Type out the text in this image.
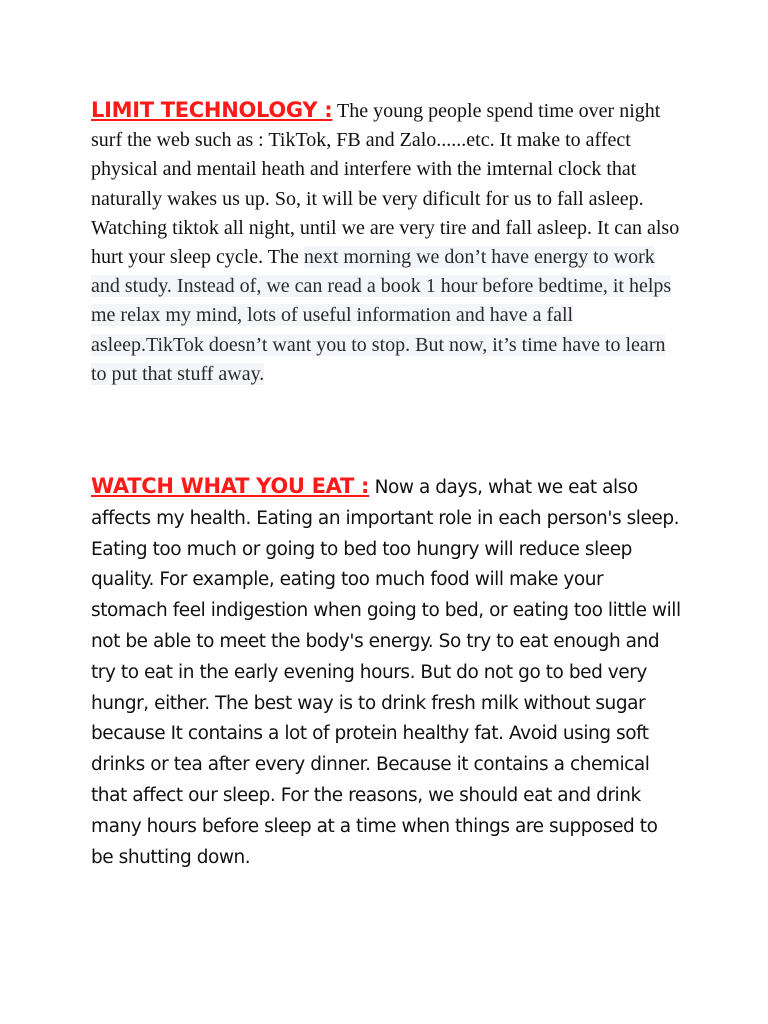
LIMIT TECHNOLOGY : The young people spend time over night surf the web such as : TikTok, FB and Zalo......etc. It make to affect physical and mentail heath and interfere with the imternal clock that naturally wakes us up. So, it will be very dificult for us to fall asleep. Watching tiktok all night, until we are very tire and fall asleep. It can also hurt your sleep cycle. The next morning we don’t have energy to work and study. Instead of, we can read a book 1 hour before bedtime, it helps me relax my mind, lots of useful information and have a fall asleep.TikTok doesn’t want you to stop. But now, it’s time have to learn to put that stuff away.

WATCH WHAT YOU EAT : Now a days, what we eat also affects my health. Eating an important role in each person's sleep. Eating too much or going to bed too hungry will reduce sleep quality. For example, eating too much food will make your stomach feel indigestion when going to bed, or eating too little will not be able to meet the body's energy. So try to eat enough and try to eat in the early evening hours. But do not go to bed very hungr, either. The best way is to drink fresh milk without sugar because It contains a lot of protein healthy fat. Avoid using soft drinks or tea after every dinner. Because it contains a chemical that affect our sleep. For the reasons, we should eat and drink many hours before sleep at a time when things are supposed to be shutting down.
